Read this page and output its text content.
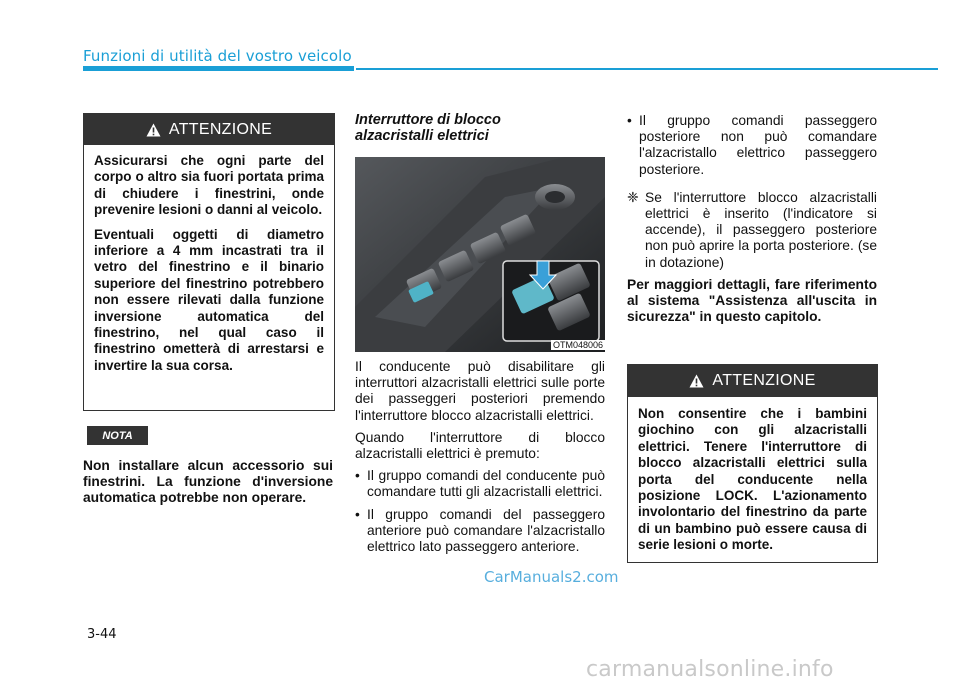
Funzioni di utilità del vostro veicolo
ATTENZIONE

Assicurarsi che ogni parte del corpo o altro sia fuori portata prima di chiudere i finestrini, onde prevenire lesioni o danni al veicolo.

Eventuali oggetti di diametro inferiore a 4 mm incastrati tra il vetro del finestrino e il binario superiore del finestrino potrebbero non essere rilevati dalla funzione inversione automatica del finestrino, nel qual caso il finestrino ometterà di arrestarsi e invertire la sua corsa.

NOTA
Non installare alcun accessorio sui finestrini. La funzione d'inversione automatica potrebbe non operare.
Interruttore di blocco
alzacristalli elettrici
OTM048006

Il conducente può disabilitare gli interruttori alzacristalli elettrici sulle porte dei passeggeri posteriori premendo l'interruttore blocco alzacristalli elettrici.

Quando l'interruttore di blocco alzacristalli elettrici è premuto:

• Il gruppo comandi del conducente può comandare tutti gli alzacristalli elettrici.
• Il gruppo comandi del passeggero anteriore può comandare l'alzacristallo elettrico lato passeggero anteriore.
• Il gruppo comandi passeggero posteriore non può comandare l'alzacristallo elettrico passeggero posteriore.
❈ Se l'interruttore blocco alzacristalli elettrici è inserito (l'indicatore si accende), il passeggero posteriore non può aprire la porta posteriore. (se in dotazione)

Per maggiori dettagli, fare riferimento al sistema "Assistenza all'uscita in sicurezza" in questo capitolo.

ATTENZIONE

Non consentire che i bambini giochino con gli alzacristalli elettrici. Tenere l'interruttore di blocco alzacristalli elettrici sulla porta del conducente nella posizione LOCK. L'azionamento involontario del finestrino da parte di un bambino può essere causa di serie lesioni o morte.

3-44
CarManuals2.com
carmanualsonline.info
